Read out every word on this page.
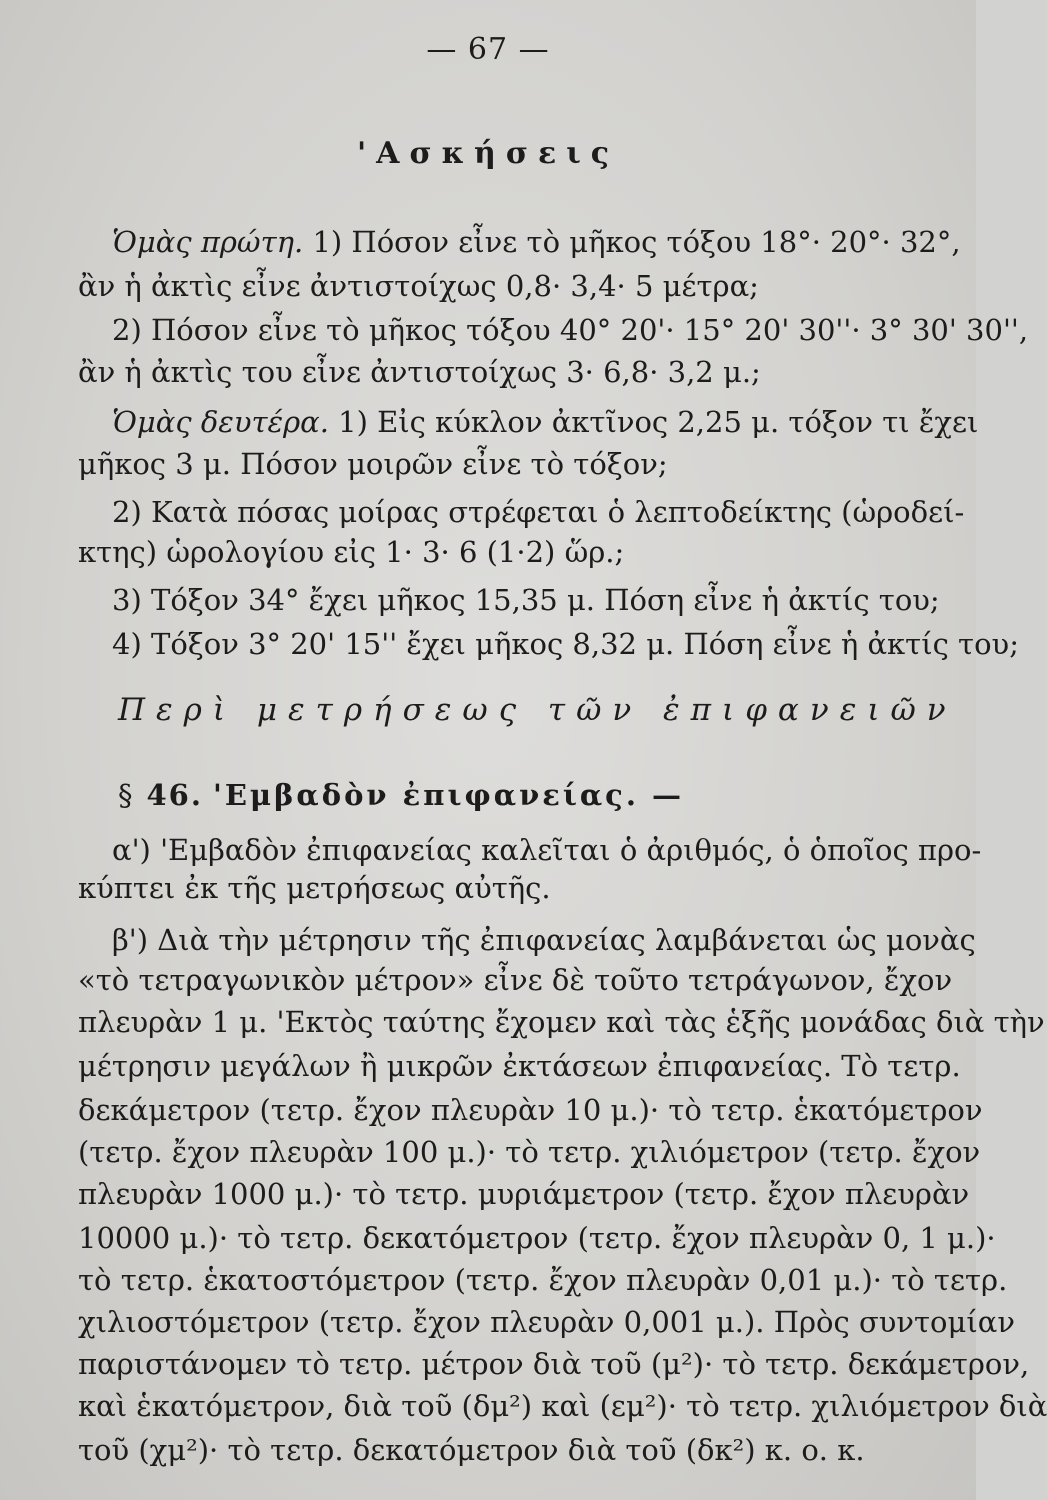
— 67 —
'Ασκήσεις
Ὁμὰς πρώτη. 1) Πόσον εἶνε τὸ μῆκος τόξου 18°· 20°· 32°,
ἂν ἡ ἀκτὶς εἶνε ἀντιστοίχως 0,8· 3,4· 5 μέτρα;
2) Πόσον εἶνε τὸ μῆκος τόξου 40° 20'· 15° 20' 30''· 3° 30' 30'',
ἂν ἡ ἀκτὶς του εἶνε ἀντιστοίχως 3· 6,8· 3,2 μ.;
Ὁμὰς δευτέρα. 1) Εἰς κύκλον ἀκτῖνος 2,25 μ. τόξον τι ἔχει
μῆκος 3 μ. Πόσον μοιρῶν εἶνε τὸ τόξον;
2) Κατὰ πόσας μοίρας στρέφεται ὁ λεπτοδείκτης (ὡροδεί-
κτης) ὡρολογίου εἰς 1· 3· 6 (1·2) ὥρ.;
3) Τόξον 34° ἔχει μῆκος 15,35 μ. Πόση εἶνε ἡ ἀκτίς του;
4) Τόξον 3° 20' 15'' ἔχει μῆκος 8,32 μ. Πόση εἶνε ἡ ἀκτίς του;
Περὶ μετρήσεως τῶν ἐπιφανειῶν
§ 46. 'Εμβαδὸν ἐπιφανείας. —
α') 'Εμβαδὸν ἐπιφανείας καλεῖται ὁ ἀριθμός, ὁ ὁποῖος προ-
κύπτει ἐκ τῆς μετρήσεως αὐτῆς.
β') Διὰ τὴν μέτρησιν τῆς ἐπιφανείας λαμβάνεται ὡς μονὰς
«τὸ τετραγωνικὸν μέτρον» εἶνε δὲ τοῦτο τετράγωνον, ἔχον
πλευρὰν 1 μ. 'Εκτὸς ταύτης ἔχομεν καὶ τὰς ἑξῆς μονάδας διὰ τὴν
μέτρησιν μεγάλων ἢ μικρῶν ἐκτάσεων ἐπιφανείας. Τὸ τετρ.
δεκάμετρον (τετρ. ἔχον πλευρὰν 10 μ.)· τὸ τετρ. ἑκατόμετρον
(τετρ. ἔχον πλευρὰν 100 μ.)· τὸ τετρ. χιλιόμετρον (τετρ. ἔχον
πλευρὰν 1000 μ.)· τὸ τετρ. μυριάμετρον (τετρ. ἔχον πλευρὰν
10000 μ.)· τὸ τετρ. δεκατόμετρον (τετρ. ἔχον πλευρὰν 0, 1 μ.)·
τὸ τετρ. ἑκατοστόμετρον (τετρ. ἔχον πλευρὰν 0,01 μ.)· τὸ τετρ.
χιλιοστόμετρον (τετρ. ἔχον πλευρὰν 0,001 μ.). Πρὸς συντομίαν
παριστάνομεν τὸ τετρ. μέτρον διὰ τοῦ (μ²)· τὸ τετρ. δεκάμετρον,
καὶ ἑκατόμετρον, διὰ τοῦ (δμ²) καὶ (εμ²)· τὸ τετρ. χιλιόμετρον διὰ
τοῦ (χμ²)· τὸ τετρ. δεκατόμετρον διὰ τοῦ (δκ²) κ. ο. κ.
